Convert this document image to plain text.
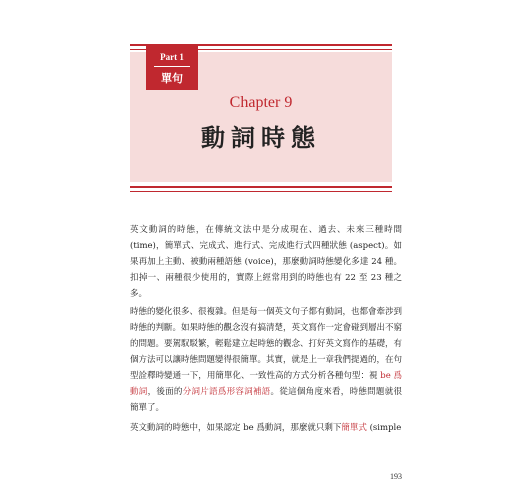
Part 1
單句
Chapter 9
動詞時態

英文動詞的時態，在傳統文法中是分成現在、過去、未來三種時間 (time)，簡單式、完成式、進行式、完成進行式四種狀態 (aspect)。如果再加上主動、被動兩種語態 (voice)，那麼動詞時態變化多達 24 種。扣掉一、兩種很少使用的，實際上經常用到的時態也有 22 至 23 種之多。

時態的變化很多、很複雜。但是每一個英文句子都有動詞，也都會牽涉到時態的判斷。如果時態的觀念沒有搞清楚，英文寫作一定會碰到層出不窮的問題。要駕馭駁繁，輕鬆建立起時態的觀念、打好英文寫作的基礎，有個方法可以讓時態問題變得很簡單。其實，就是上一章我們提過的，在句型詮釋時變通一下，用簡單化、一致性高的方式分析各種句型：視 be 爲動詞，後面的分詞片語爲形容詞補語。從這個角度來看，時態問題就很簡單了。

英文動詞的時態中，如果認定 be 爲動詞，那麼就只剩下簡單式 (simple

193
